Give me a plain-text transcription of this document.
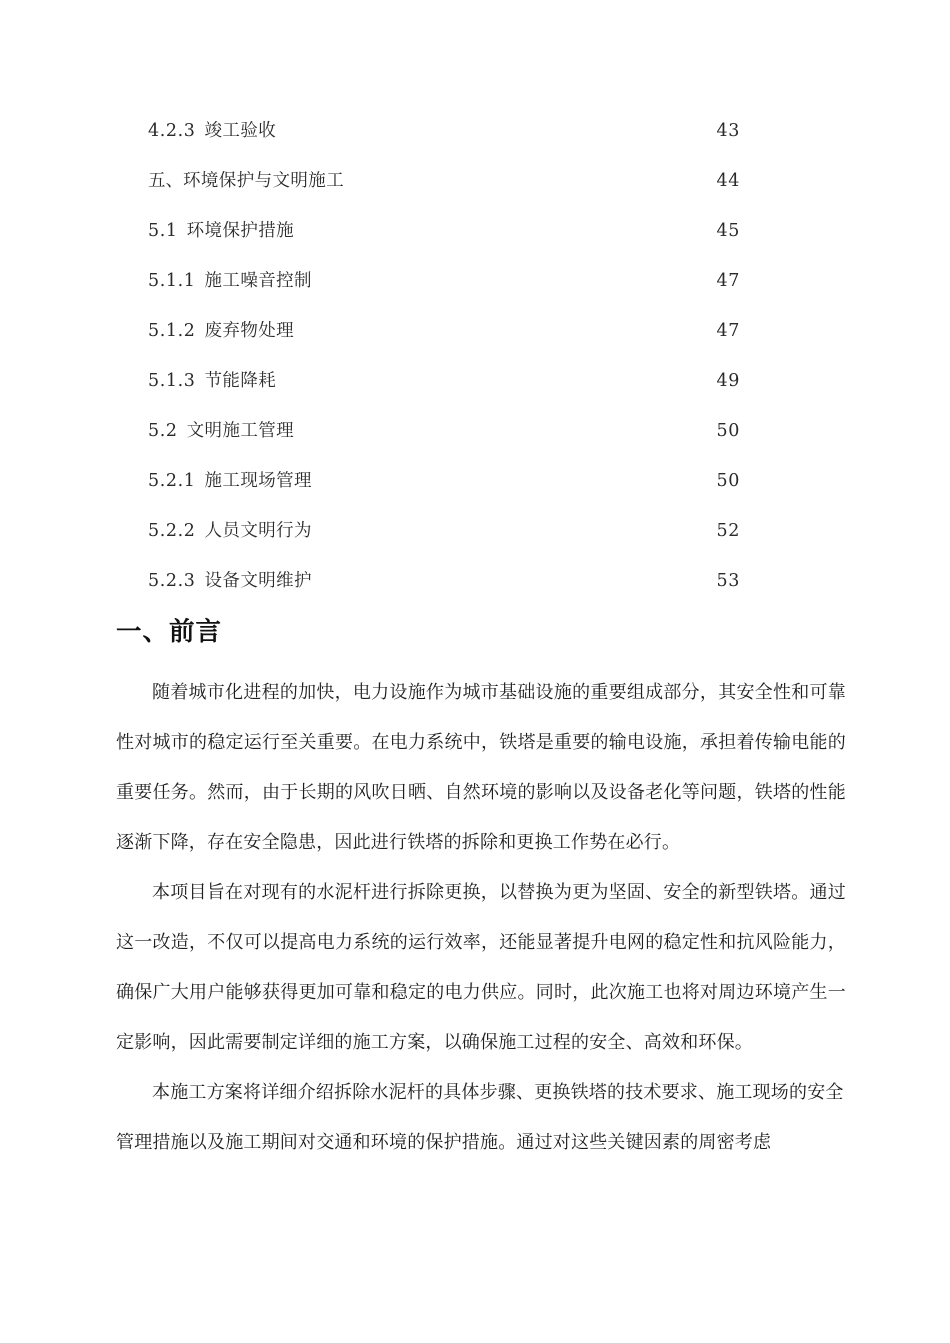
4.2.3 竣工验收 .....	43
五、 环境保护与文明施工 .....	44
5.1 环境保护措施 .....	45
5.1.1 施工噪音控制 .....	47
5.1.2 废弃物处理 .....	47
5.1.3 节能降耗 .....	49
5.2 文明施工管理 .....	50
5.2.1 施工现场管理 .....	50
5.2.2 人员文明行为 .....	52
5.2.3 设备文明维护 .....	53
一、前言

随着城市化进程的加快，电力设施作为城市基础设施的重要组成部分，其安全性和可靠性对城市的稳定运行至关重要。在电力系统中，铁塔是重要的输电设施，承担着传输电能的重要任务。然而，由于长期的风吹日晒、自然环境的影响以及设备老化等问题，铁塔的性能逐渐下降，存在安全隐患，因此进行铁塔的拆除和更换工作势在必行。

本项目旨在对现有的水泥杆进行拆除更换，以替换为更为坚固、安全的新型铁塔。通过这一改造，不仅可以提高电力系统的运行效率，还能显著提升电网的稳定性和抗风险能力，确保广大用户能够获得更加可靠和稳定的电力供应。同时，此次施工也将对周边环境产生一定影响，因此需要制定详细的施工方案，以确保施工过程的安全、高效和环保。

本施工方案将详细介绍拆除水泥杆的具体步骤、更换铁塔的技术要求、施工现场的安全管理措施以及施工期间对交通和环境的保护措施。通过对这些关键因素的周密考虑
